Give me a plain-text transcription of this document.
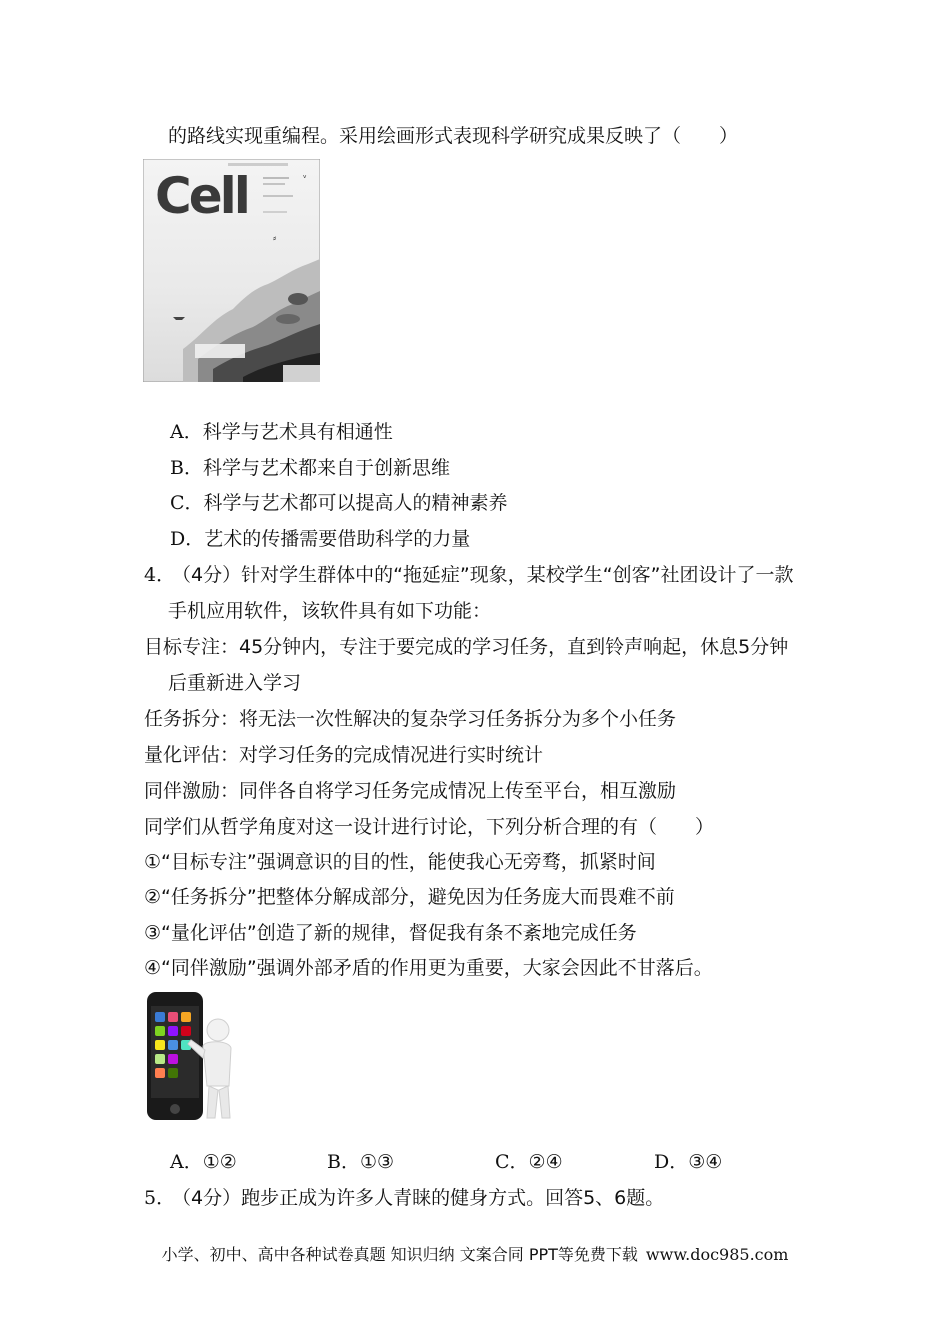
的路线实现重编程。采用绘画形式表现科学研究成果反映了（　　）
ᵛ
⸗
Cell
A．科学与艺术具有相通性
B．科学与艺术都来自于创新思维
C．科学与艺术都可以提高人的精神素养
D．艺术的传播需要借助科学的力量
4．
（4分）针对学生群体中的“拖延症”现象，某校学生“创客”社团设计了一款
手机应用软件，该软件具有如下功能：
目标专注：45分钟内，专注于要完成的学习任务，直到铃声响起，休息5分钟
后重新进入学习
任务拆分：将无法一次性解决的复杂学习任务拆分为多个小任务
量化评估：对学习任务的完成情况进行实时统计
同伴激励：同伴各自将学习任务完成情况上传至平台，相互激励
同学们从哲学角度对这一设计进行讨论，下列分析合理的有（　　）
①“目标专注”强调意识的目的性，能使我心无旁骛，抓紧时间
②“任务拆分”把整体分解成部分，避免因为任务庞大而畏难不前
③“量化评估”创造了新的规律，督促我有条不紊地完成任务
④“同伴激励”强调外部矛盾的作用更为重要，大家会因此不甘落后。
A．①②	B．①③	C．②④	D．③④
5．
（4分）跑步正成为许多人青睐的健身方式。回答5、6题。
小学、初中、高中各种试卷真题 知识归纳 文案合同 PPT等免费下载 www.doc985.com
